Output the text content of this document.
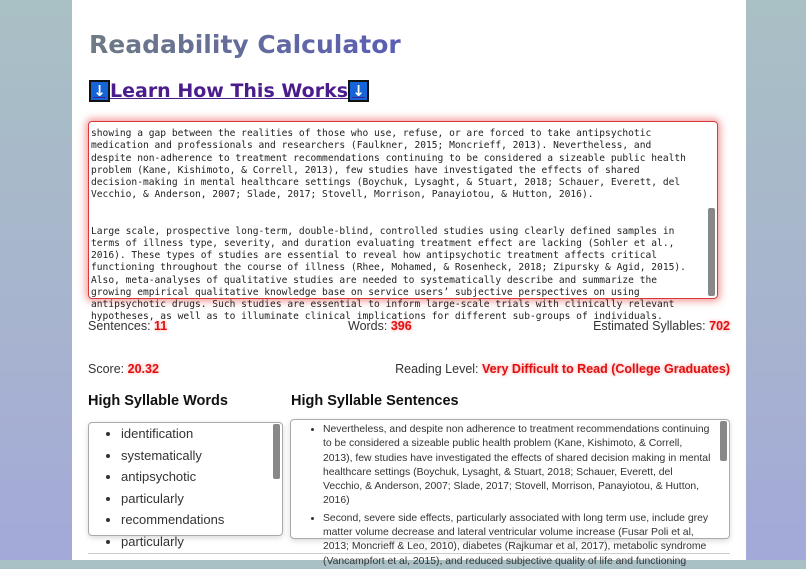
Readability Calculator
↓ Learn How This Works ↓

showing a gap between the realities of those who use, refuse, or are forced to take antipsychotic medication and professionals and researchers (Faulkner, 2015; Moncrieff, 2013). Nevertheless, and despite non-adherence to treatment recommendations continuing to be considered a sizeable public health problem (Kane, Kishimoto, & Correll, 2013), few studies have investigated the effects of shared decision-making in mental healthcare settings (Boychuk, Lysaght, & Stuart, 2018; Schauer, Everett, del Vecchio, & Anderson, 2007; Slade, 2017; Stovell, Morrison, Panayiotou, & Hutton, 2016).

Large scale, prospective long-term, double-blind, controlled studies using clearly defined samples in terms of illness type, severity, and duration evaluating treatment effect are lacking (Sohler et al., 2016). These types of studies are essential to reveal how antipsychotic treatment affects critical functioning throughout the course of illness (Rhee, Mohamed, & Rosenheck, 2018; Zipursky & Agid, 2015). Also, meta-analyses of qualitative studies are needed to systematically describe and summarize the growing empirical qualitative knowledge base on service users’ subjective perspectives on using antipsychotic drugs. Such studies are essential to inform large-scale trials with clinically relevant hypotheses, as well as to illuminate clinical implications for different sub-groups of individuals.

Sentences: 11	Words: 396	Estimated Syllables: 702
Score: 20.32	Reading Level: Very Difficult to Read (College Graduates)
High Syllable Words	High Syllable Sentences
• identification
• systematically
• antipsychotic
• particularly
• recommendations
• particularly
• Nevertheless, and despite non adherence to treatment recommendations continuing to be considered a sizeable public health problem (Kane, Kishimoto, & Correll, 2013), few studies have investigated the effects of shared decision making in mental healthcare settings (Boychuk, Lysaght, & Stuart, 2018; Schauer, Everett, del Vecchio, & Anderson, 2007; Slade, 2017; Stovell, Morrison, Panayiotou, & Hutton, 2016)
• Second, severe side effects, particularly associated with long term use, include grey matter volume decrease and lateral ventricular volume increase (Fusar Poli et al, 2013; Moncrieff & Leo, 2010), diabetes (Rajkumar et al, 2017), metabolic syndrome (Vancampfort et al, 2015), and reduced subjective quality of life and functioning
